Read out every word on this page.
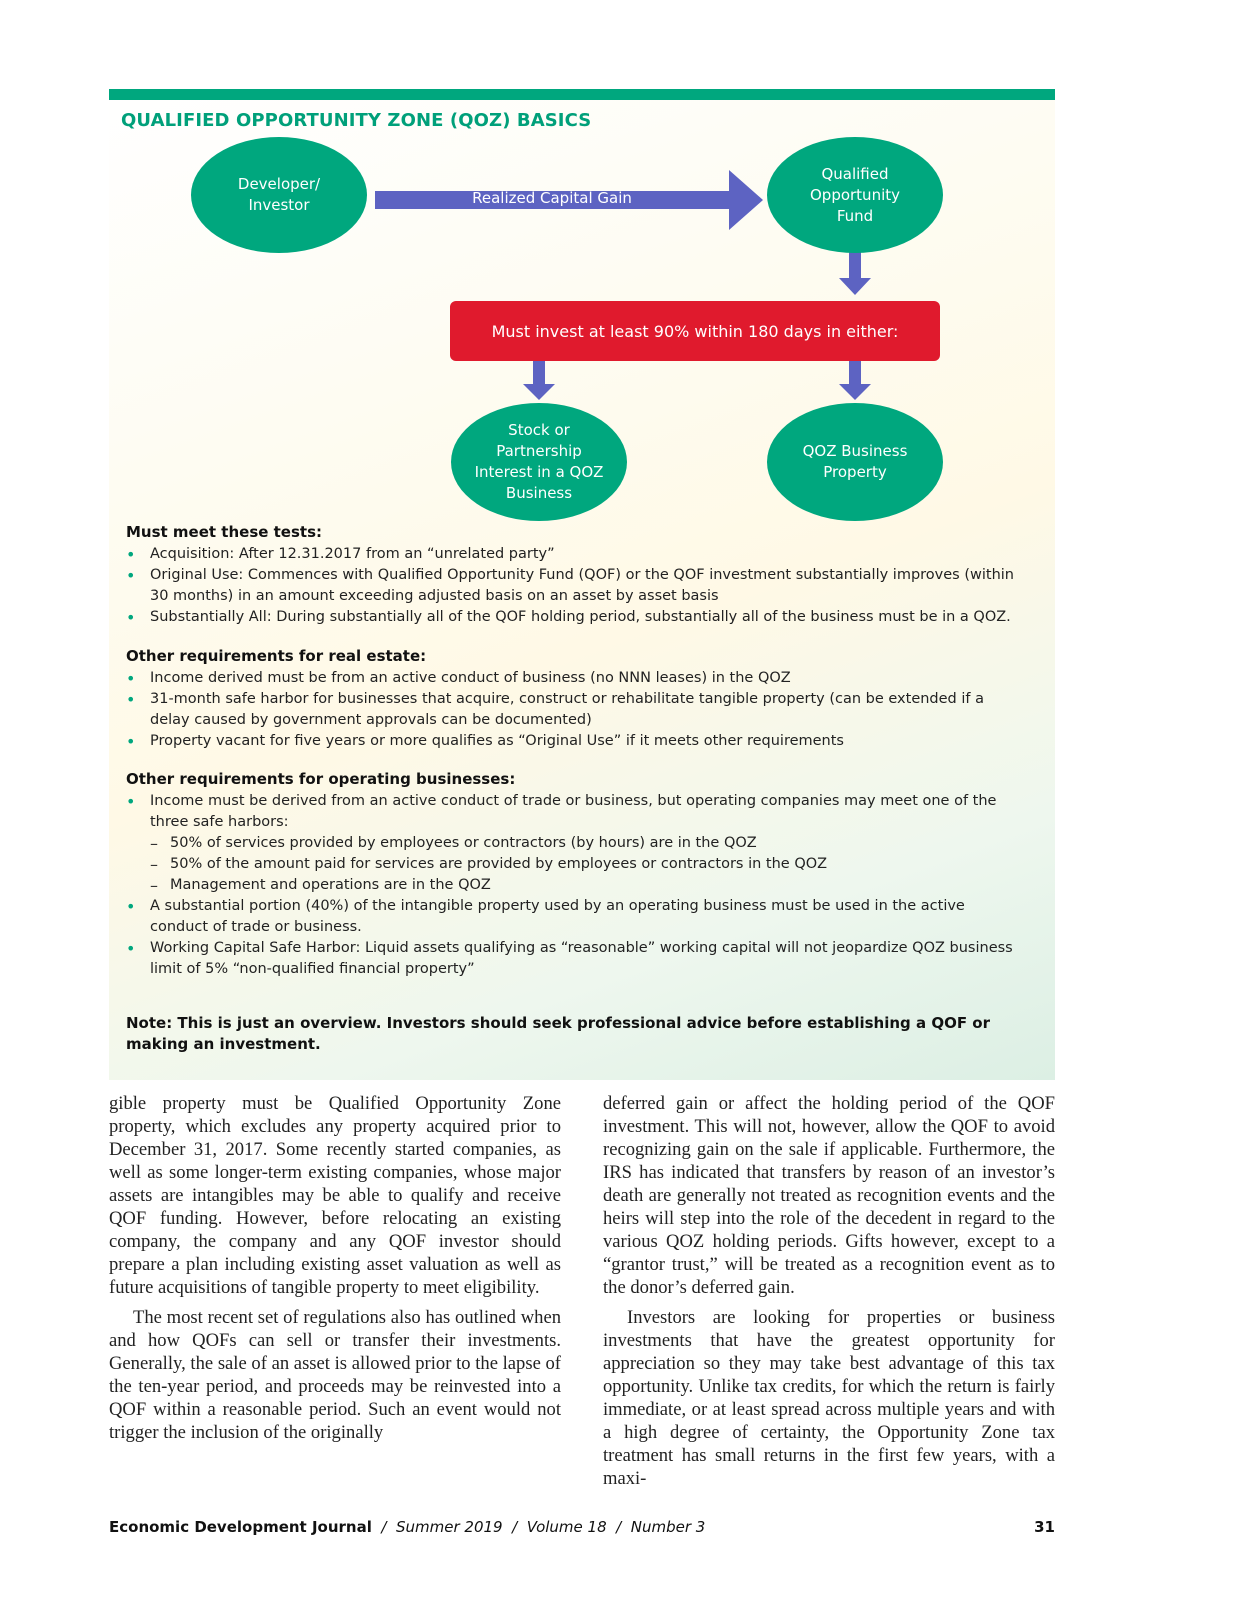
QUALIFIED OPPORTUNITY ZONE (QOZ) BASICS
Developer/
Investor	Realized Capital Gain
Qualified
Opportunity
Fund
Must invest at least 90% within 180 days in either:
Stock or
Partnership
Interest in a QOZ
Business
QOZ Business
Property
Must meet these tests:
• Acquisition: After 12.31.2017 from an “unrelated party”
• Original Use: Commences with Qualified Opportunity Fund (QOF) or the QOF investment substantially improves (within 30 months) in an amount exceeding adjusted basis on an asset by asset basis
• Substantially All: During substantially all of the QOF holding period, substantially all of the business must be in a QOZ.
Other requirements for real estate:
• Income derived must be from an active conduct of business (no NNN leases) in the QOZ
• 31-month safe harbor for businesses that acquire, construct or rehabilitate tangible property (can be extended if a delay caused by government approvals can be documented)
• Property vacant for five years or more qualifies as “Original Use” if it meets other requirements
Other requirements for operating businesses:
• Income must be derived from an active conduct of trade or business, but operating companies may meet one of the three safe harbors:
– 50% of services provided by employees or contractors (by hours) are in the QOZ
– 50% of the amount paid for services are provided by employees or contractors in the QOZ
– Management and operations are in the QOZ
• A substantial portion (40%) of the intangible property used by an operating business must be used in the active conduct of trade or business.
• Working Capital Safe Harbor: Liquid assets qualifying as “reasonable” working capital will not jeopardize QOZ business limit of 5% “non-qualified financial property”
Note: This is just an overview. Investors should seek professional advice before establishing a QOF or making an investment.

gible property must be Qualified Opportunity Zone property, which excludes any property acquired prior to December 31, 2017. Some recently started companies, as well as some longer-term existing companies, whose major assets are intangibles may be able to qualify and receive QOF funding. However, before relocating an existing company, the company and any QOF investor should prepare a plan including existing asset valuation as well as future acquisitions of tangible property to meet eligibility.

The most recent set of regulations also has outlined when and how QOFs can sell or transfer their investments. Generally, the sale of an asset is allowed prior to the lapse of the ten-year period, and proceeds may be reinvested into a QOF within a reasonable period. Such an event would not trigger the inclusion of the originally

deferred gain or affect the holding period of the QOF investment. This will not, however, allow the QOF to avoid recognizing gain on the sale if applicable. Furthermore, the IRS has indicated that transfers by reason of an investor’s death are generally not treated as recognition events and the heirs will step into the role of the decedent in regard to the various QOZ holding periods. Gifts however, except to a “grantor trust,” will be treated as a recognition event as to the donor’s deferred gain.

Investors are looking for properties or business investments that have the greatest opportunity for appreciation so they may take best advantage of this tax opportunity. Unlike tax credits, for which the return is fairly immediate, or at least spread across multiple years and with a high degree of certainty, the Opportunity Zone tax treatment has small returns in the first few years, with a maxi-

Economic Development Journal  /  Summer 2019  /  Volume 18  /  Number 3	31
